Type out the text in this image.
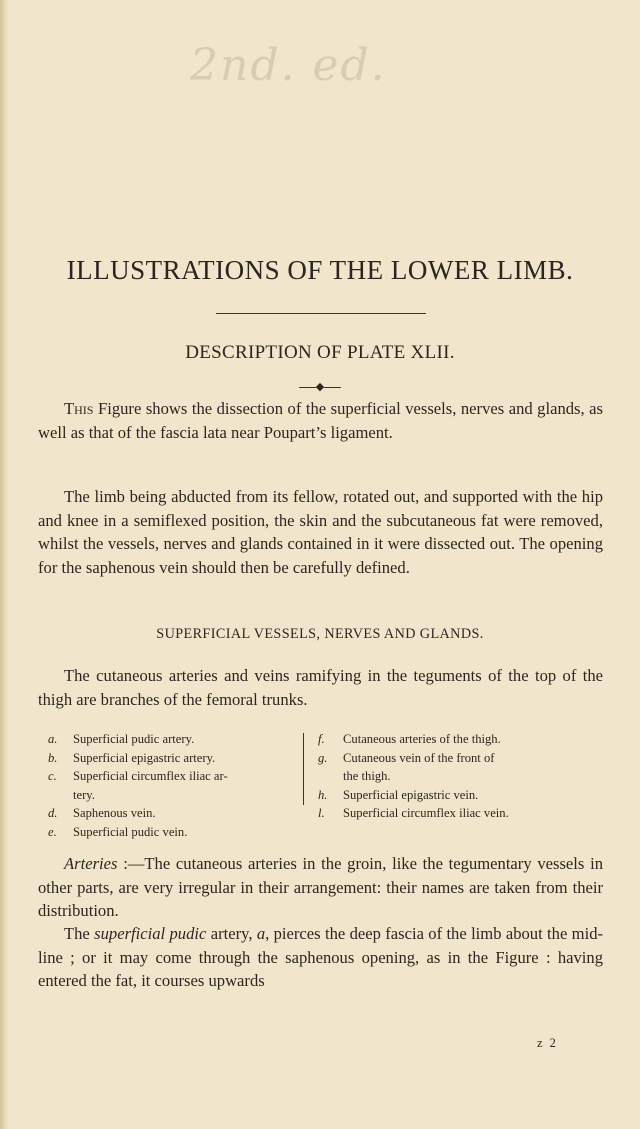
2nd. ed.
ILLUSTRATIONS OF THE LOWER LIMB.
DESCRIPTION OF PLATE XLII.
◆
This Figure shows the dissection of the superficial vessels, nerves and glands, as well as that of the fascia lata near Poupart’s ligament.
The limb being abducted from its fellow, rotated out, and supported with the hip and knee in a semiflexed position, the skin and the subcutaneous fat were removed, whilst the vessels, nerves and glands contained in it were dissected out. The opening for the saphenous vein should then be carefully defined.
SUPERFICIAL VESSELS, NERVES AND GLANDS.
The cutaneous arteries and veins ramifying in the teguments of the top of the thigh are branches of the femoral trunks.
a. Superficial pudic artery.
b. Superficial epigastric artery.
c. Superficial circumflex iliac ar-
tery.
d. Saphenous vein.
e. Superficial pudic vein.
f. Cutaneous arteries of the thigh.
g. Cutaneous vein of the front of
the thigh.
h. Superficial epigastric vein.
l. Superficial circumflex iliac vein.
Arteries :—The cutaneous arteries in the groin, like the tegumentary vessels in other parts, are very irregular in their arrangement: their names are taken from their distribution.
The superficial pudic artery, a, pierces the deep fascia of the limb about the mid-line ; or it may come through the saphenous opening, as in the Figure : having entered the fat, it courses upwards
z 2
